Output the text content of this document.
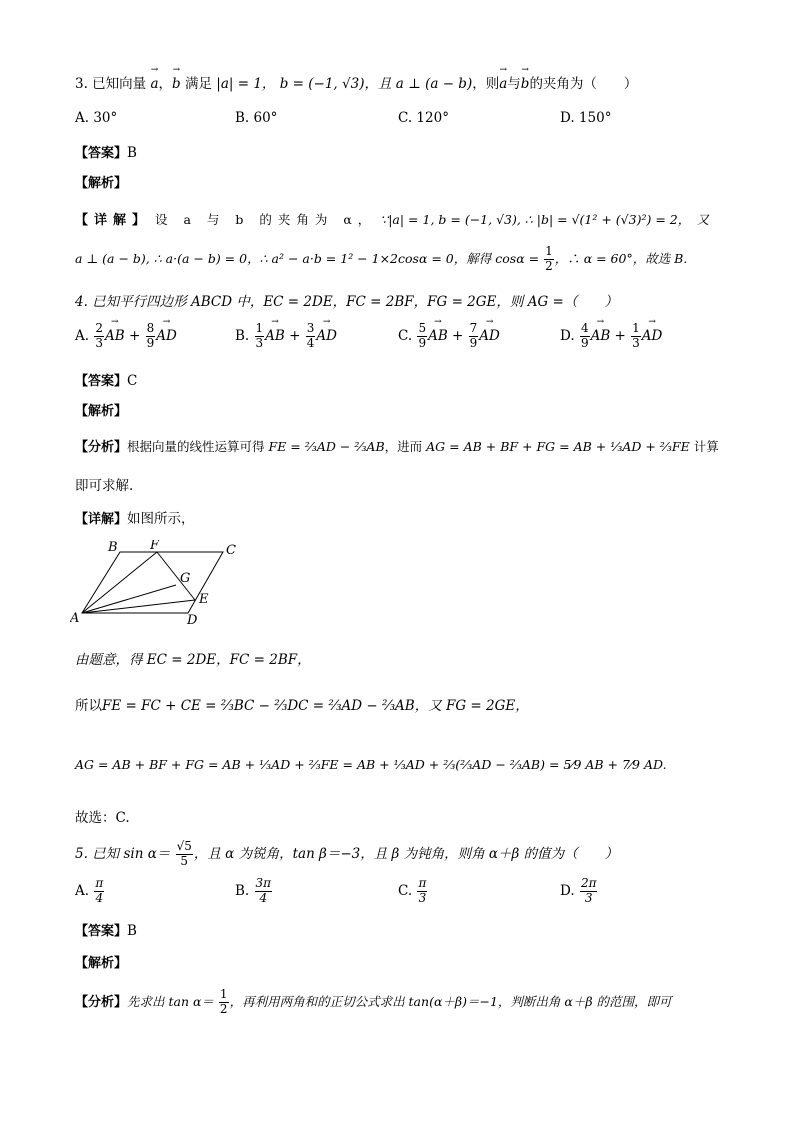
3. 已知向量 → a，→ b 满足 |a| = 1， b = (−1, √3)，且 a ⊥ (a − b)，则→ a与→ b的夹角为（　　）
A. 30°	B. 60°	C. 120°	D. 150°
【答案】B
【解析】
【详解】 设 a 与 b 的夹角为 α， ∵|a| = 1, b = (−1, √3), ∴ |b| = √(1² + (√3)²) = 2，　又
a ⊥ (a − b), ∴ a·(a − b) = 0，∴ a² − a·b = 1² − 1×2cosα = 0，解得 $\cos\alpha = \frac{1}{2}$ ，∴ α = 60°，故选 B.
4. 已知平行四边形 ABCD 中，EC = 2DE，FC = 2BF，FG = 2GE，则 AG =（　　）
A. $\frac{2}{3}$ → AB + $\frac{8}{9}$ → AD	B. $\frac{1}{3}$ → AB + $\frac{3}{4}$ → AD	C. $\frac{5}{9}$ → AB + $\frac{7}{9}$ → AD	D. $\frac{4}{9}$ → AB + $\frac{1}{3}$ → AD
【答案】C
【解析】
【分析】根据向量的线性运算可得 FE = ⅔AD − ⅔AB，进而 AG = AB + BF + FG = AB + ⅓AD + ⅔FE 计算
即可求解.
【详解】如图所示，
B F	C
G
E
A	D
由题意，得 EC = 2DE，FC = 2BF，
所以FE = FC + CE = ⅔BC − ⅔DC = ⅔AD − ⅔AB，又 FG = 2GE，
AG = AB + BF + FG = AB + ⅓AD + ⅔FE = AB + ⅓AD + ⅔(⅔AD − ⅔AB) = 5⁄9 AB + 7⁄9 AD.
故选：C.
5. 已知 $\sin \alpha= \frac{√5}{5}$ ，且 α 为锐角，tan β＝−3，且 β 为钝角，则角 α＋β 的值为（　　）
A. $\frac{\pi}{4}$	B. $\frac{3\pi}{4}$	C. $\frac{\pi}{3}$	D. $\frac{2\pi}{3}$
【答案】B
【解析】
【分析】先求出 $\tan \alpha= \frac{1}{2}$ ，再利用两角和的正切公式求出 tan(α＋β)＝−1，判断出角 α＋β 的范围，即可
